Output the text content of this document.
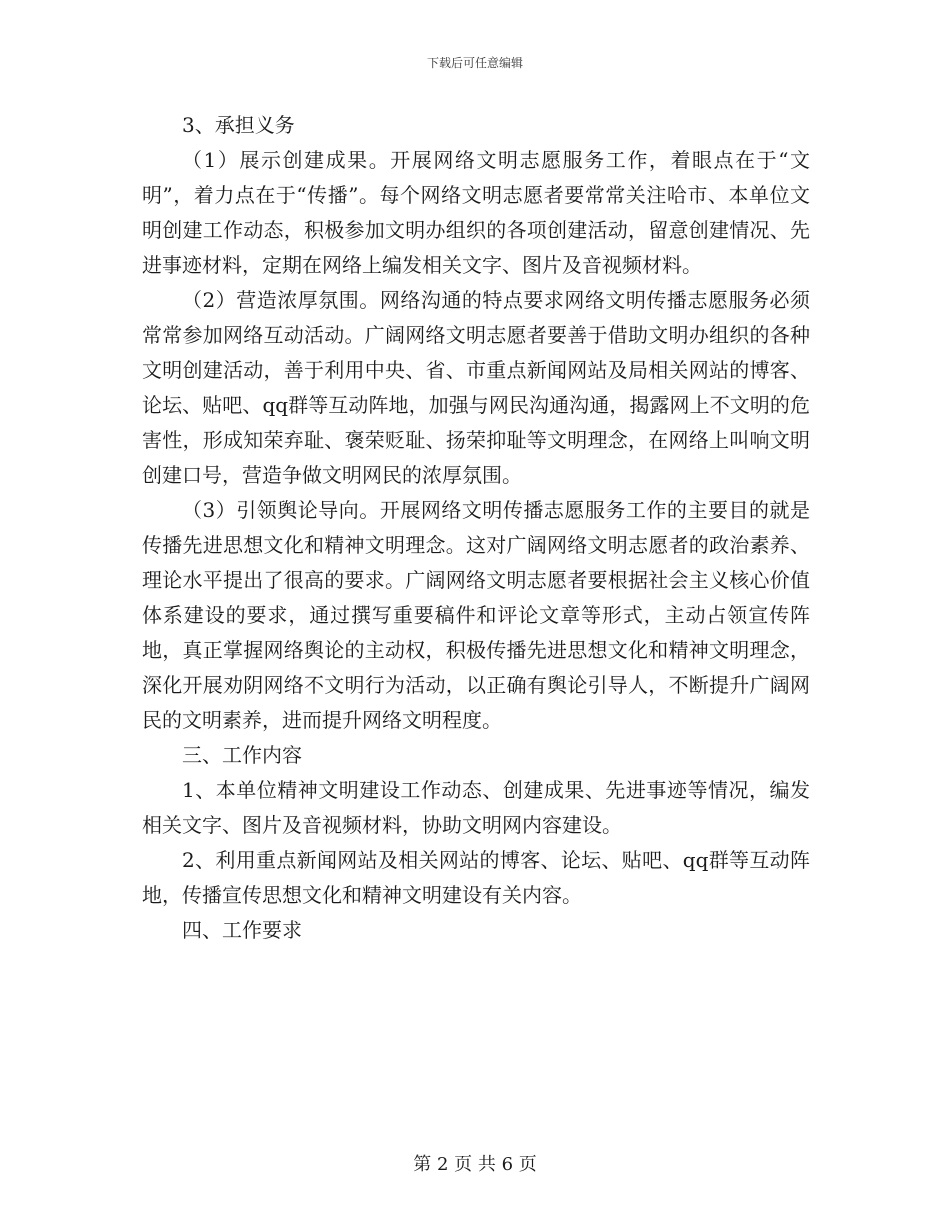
下载后可任意编辑

3、承担义务

（1）展示创建成果。开展网络文明志愿服务工作，着眼点在于“文明”，着力点在于“传播”。每个网络文明志愿者要常常关注哈市、本单位文明创建工作动态，积极参加文明办组织的各项创建活动，留意创建情况、先进事迹材料，定期在网络上编发相关文字、图片及音视频材料。

（2）营造浓厚氛围。网络沟通的特点要求网络文明传播志愿服务必须常常参加网络互动活动。广阔网络文明志愿者要善于借助文明办组织的各种文明创建活动，善于利用中央、省、市重点新闻网站及局相关网站的博客、论坛、贴吧、qq群等互动阵地，加强与网民沟通沟通，揭露网上不文明的危害性，形成知荣弃耻、褒荣贬耻、扬荣抑耻等文明理念，在网络上叫响文明创建口号，营造争做文明网民的浓厚氛围。

（3）引领舆论导向。开展网络文明传播志愿服务工作的主要目的就是传播先进思想文化和精神文明理念。这对广阔网络文明志愿者的政治素养、理论水平提出了很高的要求。广阔网络文明志愿者要根据社会主义核心价值体系建设的要求，通过撰写重要稿件和评论文章等形式，主动占领宣传阵地，真正掌握网络舆论的主动权，积极传播先进思想文化和精神文明理念，深化开展劝阴网络不文明行为活动，以正确有舆论引导人，不断提升广阔网民的文明素养，进而提升网络文明程度。

三、工作内容

1、本单位精神文明建设工作动态、创建成果、先进事迹等情况，编发相关文字、图片及音视频材料，协助文明网内容建设。

2、利用重点新闻网站及相关网站的博客、论坛、贴吧、qq群等互动阵地，传播宣传思想文化和精神文明建设有关内容。

四、工作要求

第 2 页 共 6 页
